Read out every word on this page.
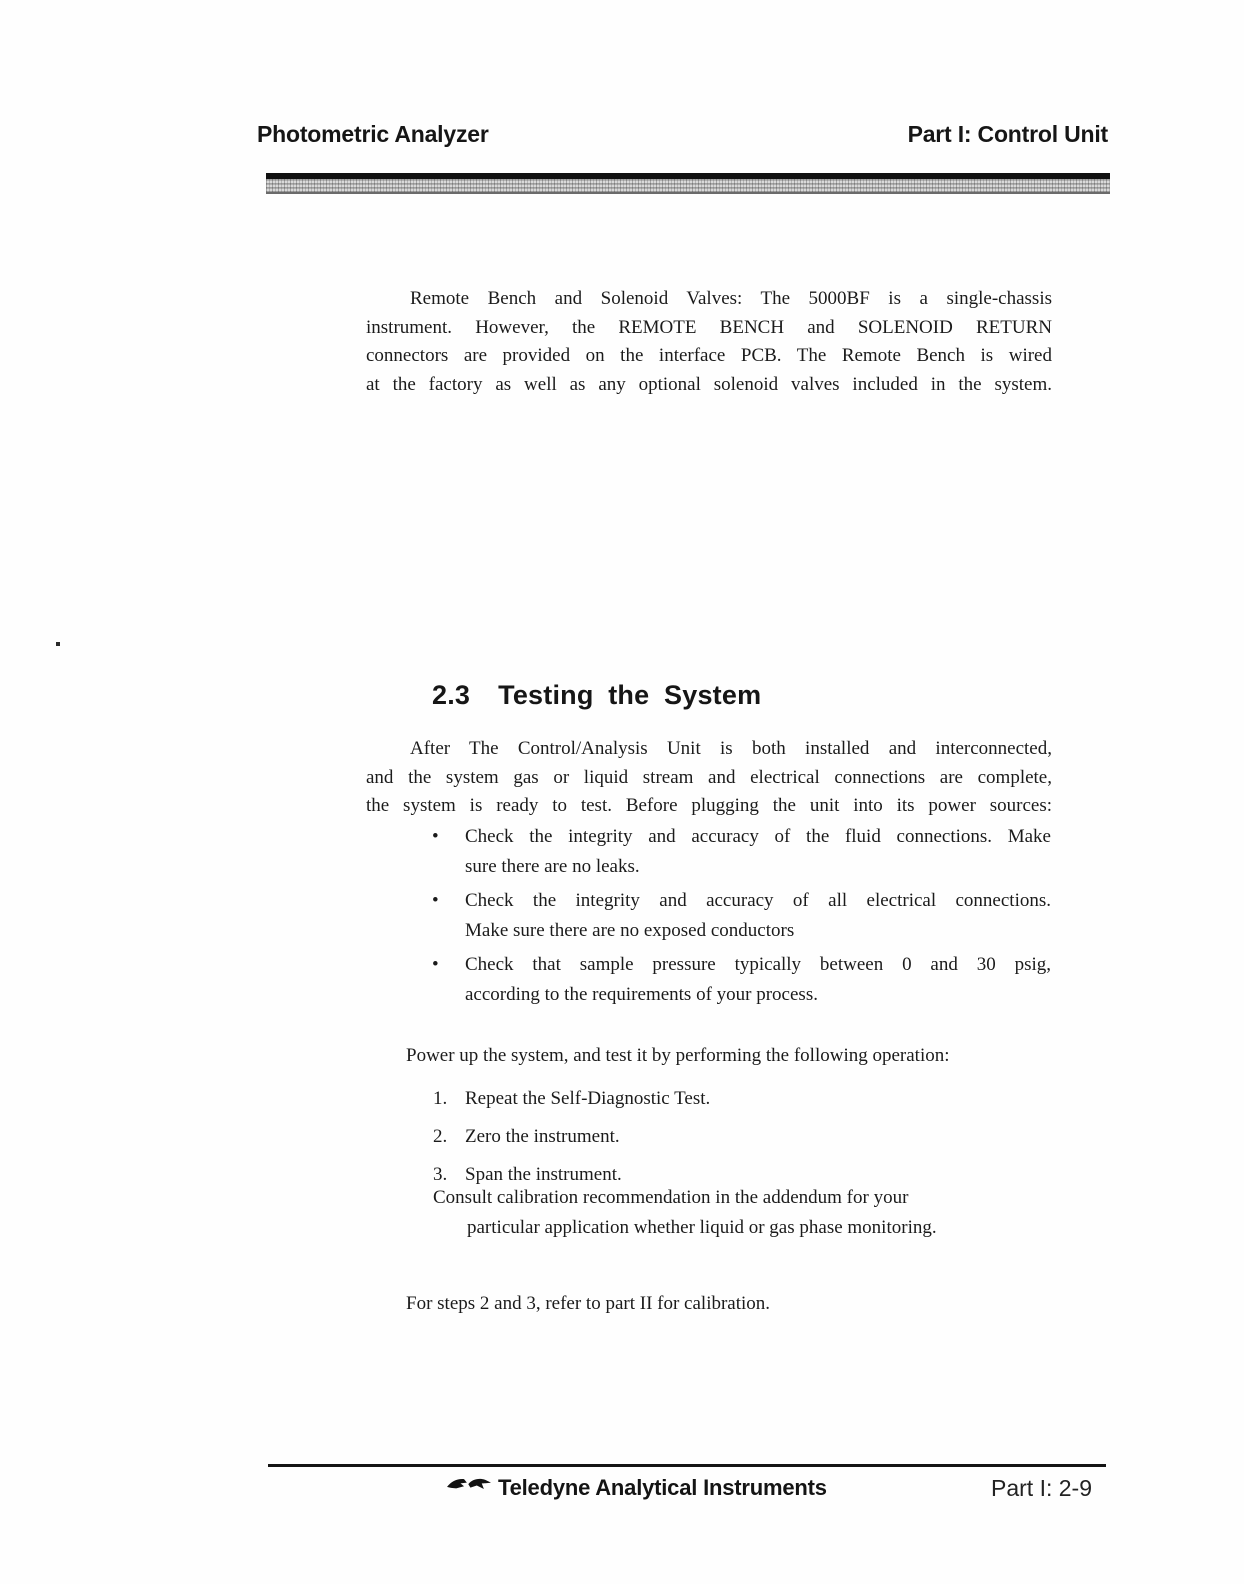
Photometric Analyzer	Part I: Control Unit
Remote Bench and Solenoid Valves: The 5000BF is a single-chassis
instrument. However, the REMOTE BENCH and SOLENOID RETURN
connectors are provided on the interface PCB. The Remote Bench is wired
at the factory as well as any optional solenoid valves included in the system.
2.3 Testing the System
After The Control/Analysis Unit is both installed and interconnected,
and the system gas or liquid stream and electrical connections are complete,
the system is ready to test. Before plugging the unit into its power sources:
•	Check the integrity and accuracy of the fluid connections. Make
sure there are no leaks.
•	Check the integrity and accuracy of all electrical connections.
Make sure there are no exposed conductors
•	Check that sample pressure typically between 0 and 30 psig,
according to the requirements of your process.
Power up the system, and test it by performing the following operation:
1. Repeat the Self-Diagnostic Test.
2. Zero the instrument.
3. Span the instrument.
Consult calibration recommendation in the addendum for your
particular application whether liquid or gas phase monitoring.
For steps 2 and 3, refer to part II for calibration.
Teledyne Analytical Instruments	Part I: 2-9
